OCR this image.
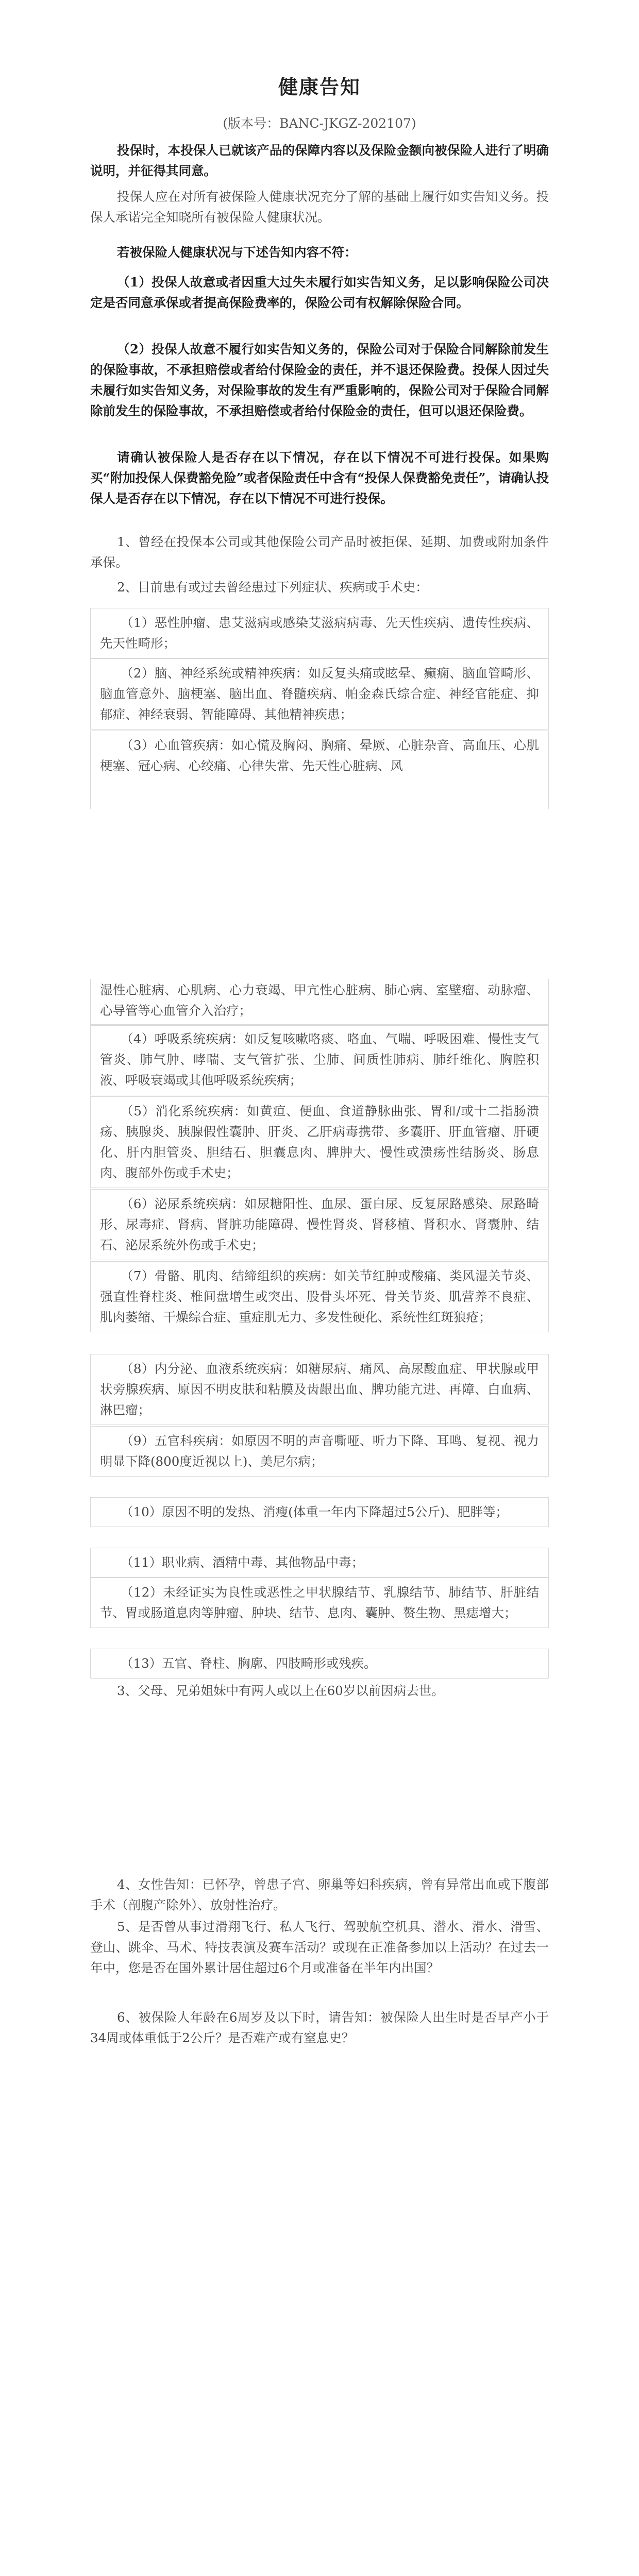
健康告知
(版本号：BANC-JKGZ-202107)

投保时，本投保人已就该产品的保障内容以及保险金额向被保险人进行了明确说明，并征得其同意。

投保人应在对所有被保险人健康状况充分了解的基础上履行如实告知义务。投保人承诺完全知晓所有被保险人健康状况。

若被保险人健康状况与下述告知内容不符：

（1）投保人故意或者因重大过失未履行如实告知义务，足以影响保险公司决定是否同意承保或者提高保险费率的，保险公司有权解除保险合同。

（2）投保人故意不履行如实告知义务的，保险公司对于保险合同解除前发生的保险事故，不承担赔偿或者给付保险金的责任，并不退还保险费。投保人因过失未履行如实告知义务，对保险事故的发生有严重影响的，保险公司对于保险合同解除前发生的保险事故，不承担赔偿或者给付保险金的责任，但可以退还保险费。

请确认被保险人是否存在以下情况，存在以下情况不可进行投保。如果购买“附加投保人保费豁免险”或者保险责任中含有“投保人保费豁免责任”，请确认投保人是否存在以下情况，存在以下情况不可进行投保。

1、曾经在投保本公司或其他保险公司产品时被拒保、延期、加费或附加条件承保。

2、目前患有或过去曾经患过下列症状、疾病或手术史：

（1）恶性肿瘤、患艾滋病或感染艾滋病病毒、先天性疾病、遗传性疾病、先天性畸形；
（2）脑、神经系统或精神疾病：如反复头痛或眩晕、癫痫、脑血管畸形、脑血管意外、脑梗塞、脑出血、脊髓疾病、帕金森氏综合症、神经官能症、抑郁症、神经衰弱、智能障碍、其他精神疾患；
（3）心血管疾病：如心慌及胸闷、胸痛、晕厥、心脏杂音、高血压、心肌梗塞、冠心病、心绞痛、心律失常、先天性心脏病、风
湿性心脏病、心肌病、心力衰竭、甲亢性心脏病、肺心病、室壁瘤、动脉瘤、心导管等心血管介入治疗；
（4）呼吸系统疾病：如反复咳嗽咯痰、咯血、气喘、呼吸困难、慢性支气管炎、肺气肿、哮喘、支气管扩张、尘肺、间质性肺病、肺纤维化、胸腔积液、呼吸衰竭或其他呼吸系统疾病；
（5）消化系统疾病：如黄疸、便血、食道静脉曲张、胃和/或十二指肠溃疡、胰腺炎、胰腺假性囊肿、肝炎、乙肝病毒携带、多囊肝、肝血管瘤、肝硬化、肝内胆管炎、胆结石、胆囊息肉、脾肿大、慢性或溃疡性结肠炎、肠息肉、腹部外伤或手术史；
（6）泌尿系统疾病：如尿糖阳性、血尿、蛋白尿、反复尿路感染、尿路畸形、尿毒症、肾病、肾脏功能障碍、慢性肾炎、肾移植、肾积水、肾囊肿、结石、泌尿系统外伤或手术史；
（7）骨骼、肌肉、结缔组织的疾病：如关节红肿或酸痛、类风湿关节炎、强直性脊柱炎、椎间盘增生或突出、股骨头坏死、骨关节炎、肌营养不良症、肌肉萎缩、干燥综合症、重症肌无力、多发性硬化、系统性红斑狼疮；
（8）内分泌、血液系统疾病：如糖尿病、痛风、高尿酸血症、甲状腺或甲状旁腺疾病、原因不明皮肤和粘膜及齿龈出血、脾功能亢进、再障、白血病、淋巴瘤；
（9）五官科疾病：如原因不明的声音嘶哑、听力下降、耳鸣、复视、视力明显下降(800度近视以上)、美尼尔病；
（10）原因不明的发热、消瘦(体重一年内下降超过5公斤)、肥胖等；
（11）职业病、酒精中毒、其他物品中毒；
（12）未经证实为良性或恶性之甲状腺结节、乳腺结节、肺结节、肝脏结节、胃或肠道息肉等肿瘤、肿块、结节、息肉、囊肿、赘生物、黑痣增大；
（13）五官、脊柱、胸廓、四肢畸形或残疾。

3、父母、兄弟姐妹中有两人或以上在60岁以前因病去世。

4、女性告知：已怀孕，曾患子宫、卵巢等妇科疾病，曾有异常出血或下腹部手术（剖腹产除外）、放射性治疗。

5、是否曾从事过滑翔飞行、私人飞行、驾驶航空机具、潜水、滑水、滑雪、登山、跳伞、马术、特技表演及赛车活动？或现在正准备参加以上活动？在过去一年中，您是否在国外累计居住超过6个月或准备在半年内出国？

6、被保险人年龄在6周岁及以下时，请告知：被保险人出生时是否早产小于34周或体重低于2公斤？是否难产或有窒息史？
